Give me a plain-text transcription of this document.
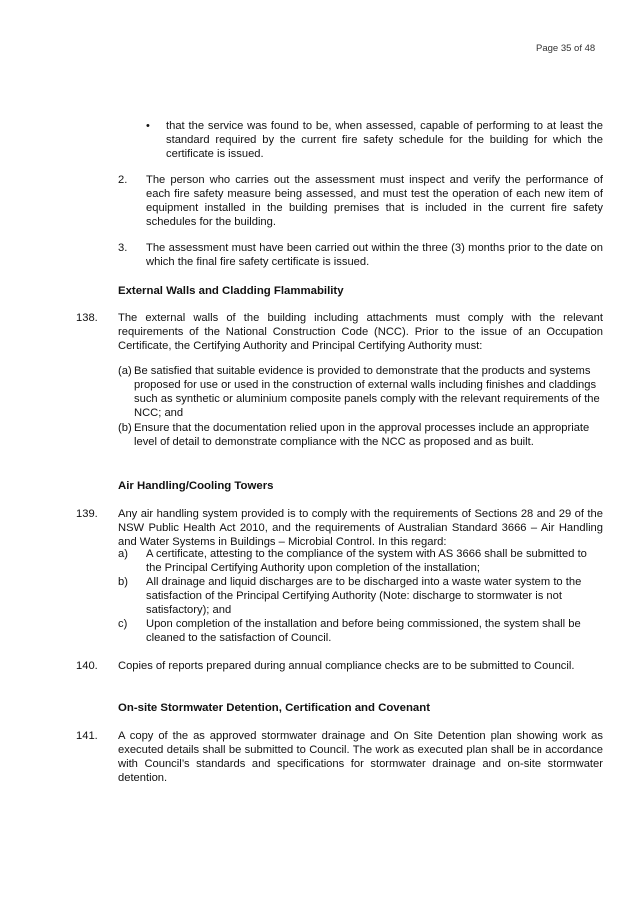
Page 35 of 48
• that the service was found to be, when assessed, capable of performing to at least the standard required by the current fire safety schedule for the building for which the certificate is issued.
2. The person who carries out the assessment must inspect and verify the performance of each fire safety measure being assessed, and must test the operation of each new item of equipment installed in the building premises that is included in the current fire safety schedules for the building.
3. The assessment must have been carried out within the three (3) months prior to the date on which the final fire safety certificate is issued.
External Walls and Cladding Flammability
138. The external walls of the building including attachments must comply with the relevant requirements of the National Construction Code (NCC). Prior to the issue of an Occupation Certificate, the Certifying Authority and Principal Certifying Authority must:
(a) Be satisfied that suitable evidence is provided to demonstrate that the products and systems proposed for use or used in the construction of external walls including finishes and claddings such as synthetic or aluminium composite panels comply with the relevant requirements of the NCC; and
(b) Ensure that the documentation relied upon in the approval processes include an appropriate level of detail to demonstrate compliance with the NCC as proposed and as built.
Air Handling/Cooling Towers
139. Any air handling system provided is to comply with the requirements of Sections 28 and 29 of the NSW Public Health Act 2010, and the requirements of Australian Standard 3666 – Air Handling and Water Systems in Buildings – Microbial Control. In this regard:
a) A certificate, attesting to the compliance of the system with AS 3666 shall be submitted to the Principal Certifying Authority upon completion of the installation;
b) All drainage and liquid discharges are to be discharged into a waste water system to the satisfaction of the Principal Certifying Authority (Note: discharge to stormwater is not satisfactory); and
c) Upon completion of the installation and before being commissioned, the system shall be cleaned to the satisfaction of Council.
140. Copies of reports prepared during annual compliance checks are to be submitted to Council.
On-site Stormwater Detention, Certification and Covenant
141. A copy of the as approved stormwater drainage and On Site Detention plan showing work as executed details shall be submitted to Council. The work as executed plan shall be in accordance with Council’s standards and specifications for stormwater drainage and on-site stormwater detention.
